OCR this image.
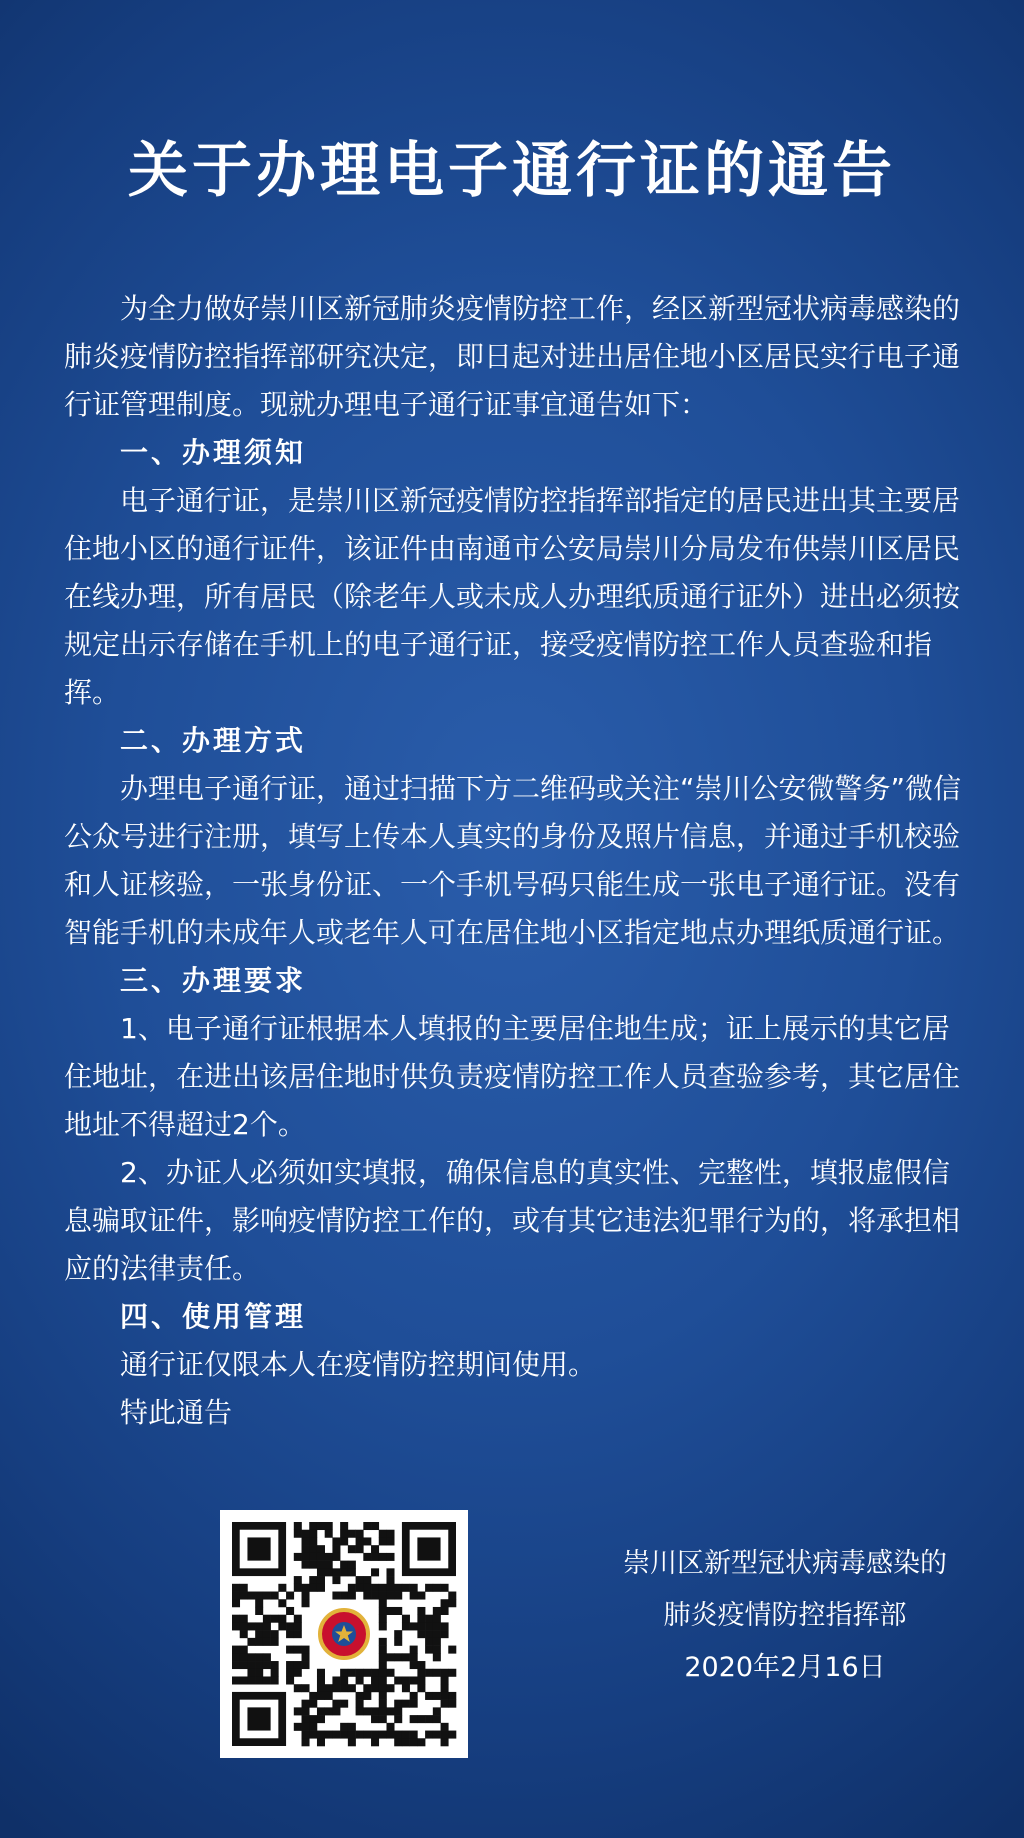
关于办理电子通行证的通告

为全力做好崇川区新冠肺炎疫情防控工作，经区新型冠状病毒感染的肺炎疫情防控指挥部研究决定，即日起对进出居住地小区居民实行电子通行证管理制度。现就办理电子通行证事宜通告如下：

一、办理须知

电子通行证，是崇川区新冠疫情防控指挥部指定的居民进出其主要居住地小区的通行证件，该证件由南通市公安局崇川分局发布供崇川区居民在线办理，所有居民（除老年人或未成人办理纸质通行证外）进出必须按规定出示存储在手机上的电子通行证，接受疫情防控工作人员查验和指挥。

二、办理方式

办理电子通行证，通过扫描下方二维码或关注“崇川公安微警务”微信公众号进行注册，填写上传本人真实的身份及照片信息，并通过手机校验和人证核验，一张身份证、一个手机号码只能生成一张电子通行证。没有智能手机的未成年人或老年人可在居住地小区指定地点办理纸质通行证。

三、办理要求

1、电子通行证根据本人填报的主要居住地生成；证上展示的其它居住地址，在进出该居住地时供负责疫情防控工作人员查验参考，其它居住地址不得超过2个。

2、办证人必须如实填报，确保信息的真实性、完整性，填报虚假信息骗取证件，影响疫情防控工作的，或有其它违法犯罪行为的，将承担相应的法律责任。

四、使用管理

通行证仅限本人在疫情防控期间使用。

特此通告

崇川区新型冠状病毒感染的
肺炎疫情防控指挥部
2020年2月16日
